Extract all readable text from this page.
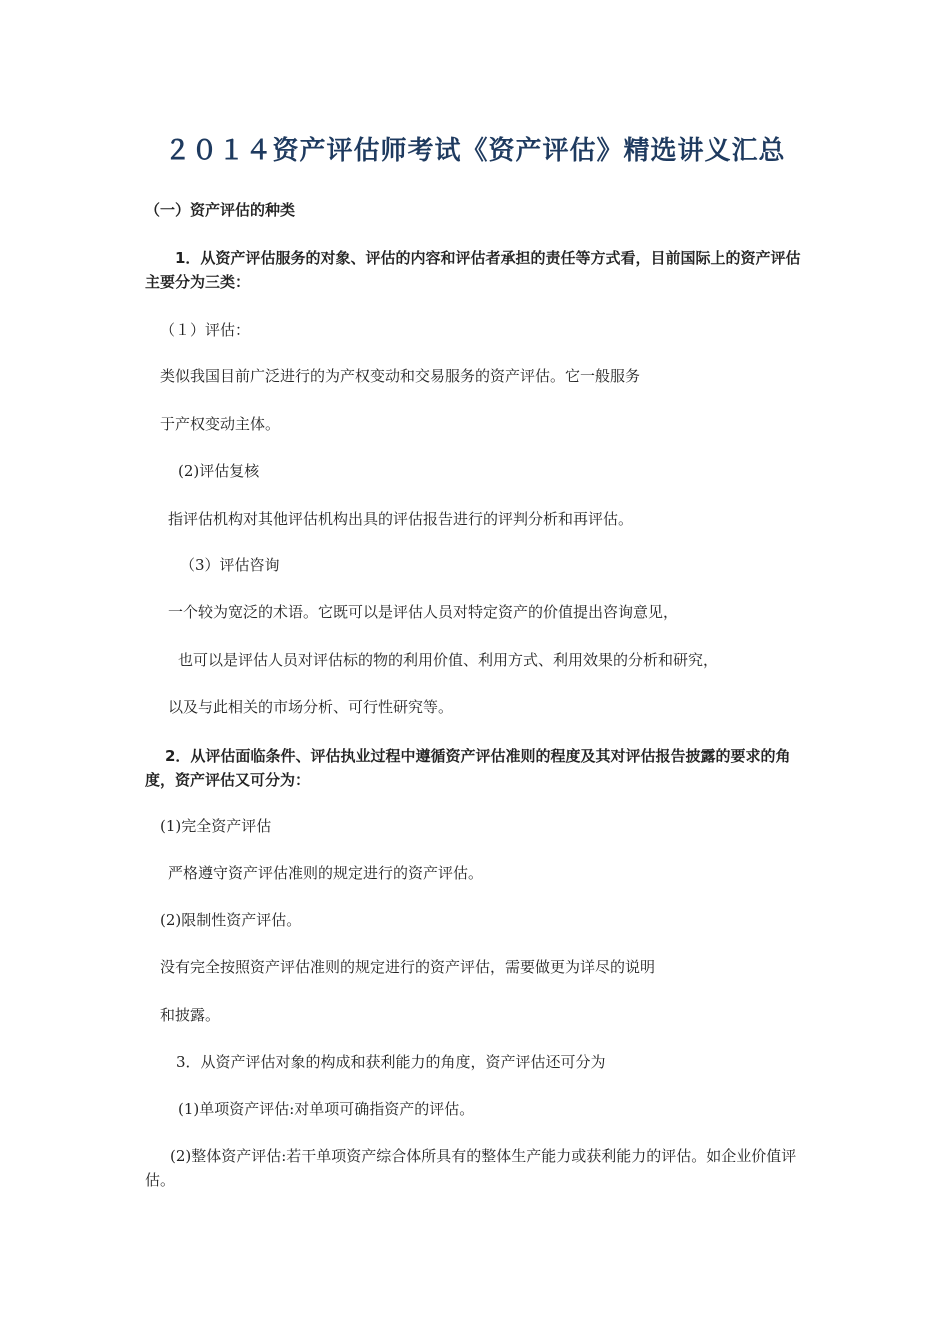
２０１４资产评估师考试《资产评估》精选讲义汇总
（一）资产评估的种类
1．从资产评估服务的对象、评估的内容和评估者承担的责任等方式看，目前国际上的资产评估主要分为三类：
（１）评估：
类似我国目前广泛进行的为产权变动和交易服务的资产评估。它一般服务
于产权变动主体。
(2)评估复核
指评估机构对其他评估机构出具的评估报告进行的评判分析和再评估。
（3）评估咨询
一个较为宽泛的术语。它既可以是评估人员对特定资产的价值提出咨询意见，
也可以是评估人员对评估标的物的利用价值、利用方式、利用效果的分析和研究，
以及与此相关的市场分析、可行性研究等。
2．从评估面临条件、评估执业过程中遵循资产评估准则的程度及其对评估报告披露的要求的角度，资产评估又可分为：
(1)完全资产评估
严格遵守资产评估准则的规定进行的资产评估。
(2)限制性资产评估。
没有完全按照资产评估准则的规定进行的资产评估，需要做更为详尽的说明
和披露。
3．从资产评估对象的构成和获利能力的角度，资产评估还可分为
(1)单项资产评估:对单项可确指资产的评估。
(2)整体资产评估:若干单项资产综合体所具有的整体生产能力或获利能力的评估。如企业价值评估。
